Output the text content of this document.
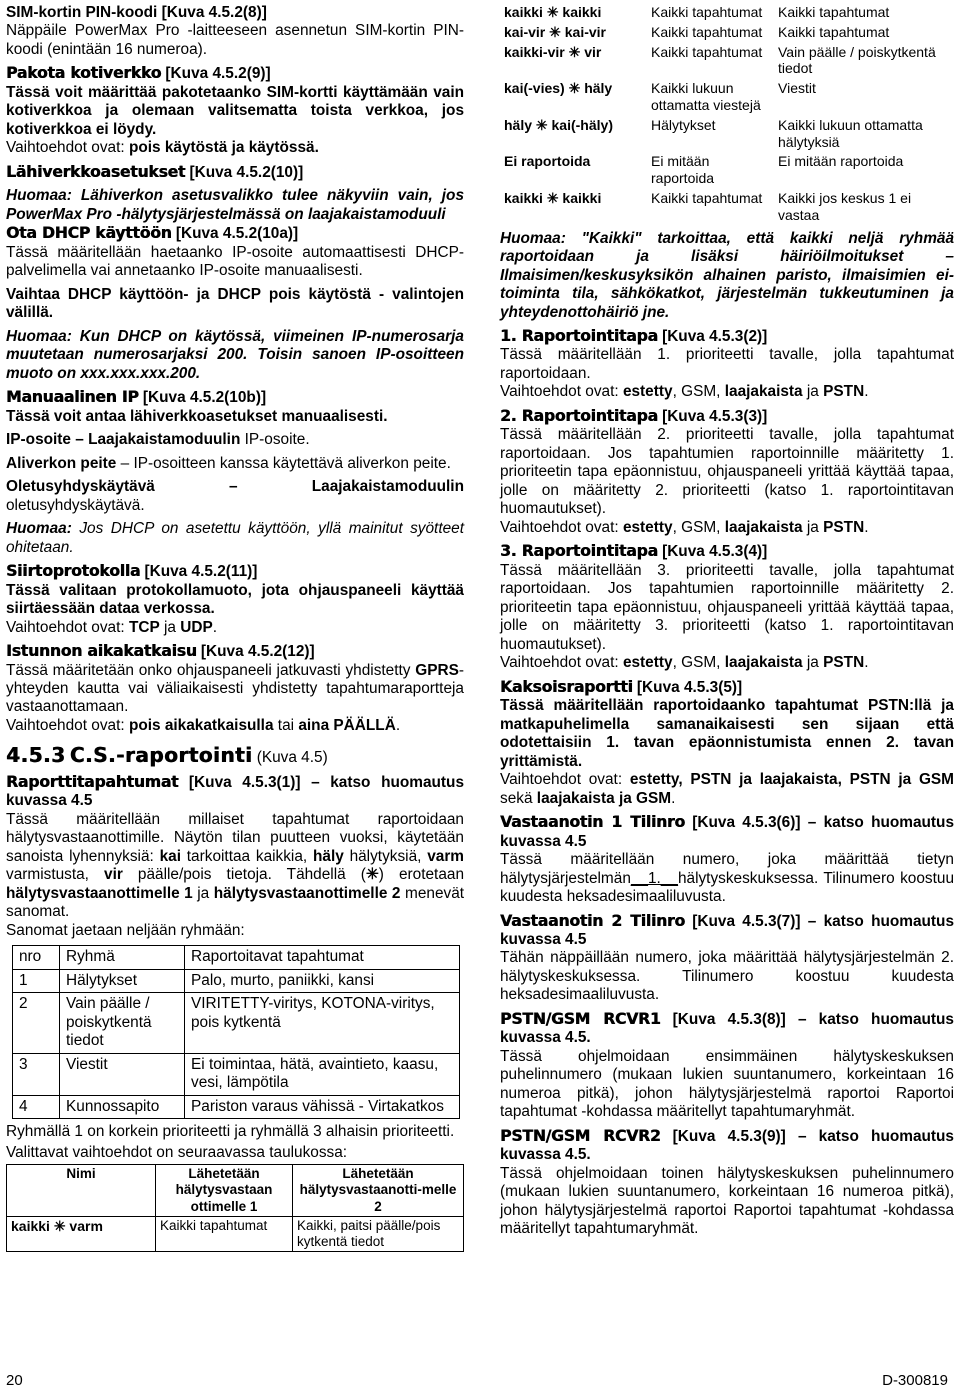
SIM-kortin PIN-koodi [Kuva 4.5.2(8)]
Näppäile PowerMax Pro -laitteeseen asennetun SIM-kortin PIN-koodi (enintään 16 numeroa).

Pakota kotiverkko [Kuva 4.5.2(9)]
Tässä voit määrittää pakotetaanko SIM-kortti käyttämään vain kotiverkkoa ja olemaan valitsematta toista verkkoa, jos kotiverkkoa ei löydy.
Vaihtoehdot ovat: pois käytöstä ja käytössä.

Lähiverkkoasetukset [Kuva 4.5.2(10)]

Huomaa: Lähiverkon asetusvalikko tulee näkyviin vain, jos PowerMax Pro -hälytysjärjestelmässä on laajakaistamoduuli

Ota DHCP käyttöön [Kuva 4.5.2(10a)]
Tässä määritellään haetaanko IP-osoite automaattisesti DHCP-palvelimella vai annetaanko IP-osoite manuaalisesti.

Vaihtaa DHCP käyttöön- ja DHCP pois käytöstä - valintojen välillä.

Huomaa: Kun DHCP on käytössä, viimeinen IP-numerosarja muutetaan numerosarjaksi 200. Toisin sanoen IP-osoitteen muoto on xxx.xxx.xxx.200.

Manuaalinen IP [Kuva 4.5.2(10b)]
Tässä voit antaa lähiverkkoasetukset manuaalisesti.

IP-osoite – Laajakaistamoduulin IP-osoite.

Aliverkon peite – IP-osoitteen kanssa käytettävä aliverkon peite.

Oletusyhdyskäytävä – Laajakaistamoduulin oletusyhdyskäytävä.

Huomaa: Jos DHCP on asetettu käyttöön, yllä mainitut syötteet ohitetaan.

Siirtoprotokolla [Kuva 4.5.2(11)]
Tässä valitaan protokollamuoto, jota ohjauspaneeli käyttää siirtäessään dataa verkossa.
Vaihtoehdot ovat: TCP ja UDP.

Istunnon aikakatkaisu [Kuva 4.5.2(12)]
Tässä määritetään onko ohjauspaneeli jatkuvasti yhdistetty GPRS-yhteyden kautta vai väliaikaisesti yhdistetty tapahtumaraportteja vastaanottamaan.
Vaihtoehdot ovat: pois aikakatkaisulla tai aina PÄÄLLÄ.

4.5.3 C.S.-raportointi (Kuva 4.5)

Raporttitapahtumat [Kuva 4.5.3(1)] – katso huomautus kuvassa 4.5
Tässä määritellään millaiset tapahtumat raportoidaan hälytysvastaanottimille. Näytön tilan puutteen vuoksi, käytetään sanoista lyhennyksiä: kai tarkoittaa kaikkia, häly hälytyksiä, varm varmistusta, vir päälle/pois tietoja. Tähdellä (✳) erotetaan hälytysvastaanottimelle 1 ja hälytysvastaanottimelle 2 menevät sanomat.
Sanomat jaetaan neljään ryhmään:

nro	Ryhmä	Raportoitavat tapahtumat
1	Hälytykset	Palo, murto, paniikki, kansi
2	Vain päälle / poiskytkentä tiedot	VIRITETTY-viritys, KOTONA-viritys, pois kytkentä
3	Viestit	Ei toimintaa, hätä, avaintieto, kaasu, vesi, lämpötila
4	Kunnossapito	Pariston varaus vähissä - Virtakatkos

Ryhmällä 1 on korkein prioriteetti ja ryhmällä 3 alhaisin prioriteetti.

Valittavat vaihtoehdot on seuraavassa taulukossa:

Nimi	Lähetetään hälytysvastaan ottimelle 1	Lähetetään hälytysvastaanotti-melle 2
kaikki ✳ varm	Kaikki tapahtumat	Kaikki, paitsi päälle/pois kytkentä tiedot
kaikki ✳ kaikki	Kaikki tapahtumat	Kaikki tapahtumat
kai-vir ✳ kai-vir	Kaikki tapahtumat	Kaikki tapahtumat
kaikki-vir ✳ vir	Kaikki tapahtumat	Vain päälle / poiskytkentä tiedot
kai(-vies) ✳ häly	Kaikki lukuun ottamatta viestejä	Viestit
häly ✳ kai(-häly)	Hälytykset	Kaikki lukuun ottamatta hälytyksiä
Ei raportoida	Ei mitään raportoida	Ei mitään raportoida
kaikki ✳ kaikki	Kaikki tapahtumat	Kaikki jos keskus 1 ei vastaa

Huomaa: "Kaikki" tarkoittaa, että kaikki neljä ryhmää raportoidaan ja lisäksi häiriöilmoitukset – Ilmaisimen/keskusyksikön alhainen paristo, ilmaisimien ei-toiminta tila, sähkökatkot, järjestelmän tukkeutuminen ja yhteydenottohäiriö jne.

1. Raportointitapa [Kuva 4.5.3(2)]
Tässä määritellään 1. prioriteetti tavalle, jolla tapahtumat raportoidaan.
Vaihtoehdot ovat: estetty, GSM, laajakaista ja PSTN.

2. Raportointitapa [Kuva 4.5.3(3)]
Tässä määritellään 2. prioriteetti tavalle, jolla tapahtumat raportoidaan. Jos tapahtumien raportoinnille määritetty 1. prioriteetin tapa epäonnistuu, ohjauspaneeli yrittää käyttää tapaa, jolle on määritetty 2. prioriteetti (katso 1. raportointitavan huomautukset).
Vaihtoehdot ovat: estetty, GSM, laajakaista ja PSTN.

3. Raportointitapa [Kuva 4.5.3(4)]
Tässä määritellään 3. prioriteetti tavalle, jolla tapahtumat raportoidaan. Jos tapahtumien raportoinnille määritetty 2. prioriteetin tapa epäonnistuu, ohjauspaneeli yrittää käyttää tapaa, jolle on määritetty 3. prioriteetti (katso 1. raportointitavan huomautukset).
Vaihtoehdot ovat: estetty, GSM, laajakaista ja PSTN.

Kaksoisraportti [Kuva 4.5.3(5)]
Tässä määritellään raportoidaanko tapahtumat PSTN:llä ja matkapuhelimella samanaikaisesti sen sijaan että odotettaisiin 1. tavan epäonnistumista ennen 2. tavan yrittämistä.
Vaihtoehdot ovat: estetty, PSTN ja laajakaista, PSTN ja GSM sekä laajakaista ja GSM.

Vastaanotin 1 Tilinro [Kuva 4.5.3(6)] – katso huomautus kuvassa 4.5
Tässä määritellään numero, joka määrittää tietyn hälytysjärjestelmän__1.__hälytyskeskuksessa. Tilinumero koostuu kuudesta heksadesimaaliluvusta.

Vastaanotin 2 Tilinro [Kuva 4.5.3(7)] – katso huomautus kuvassa 4.5
Tähän näppäillään numero, joka määrittää hälytysjärjestelmän 2. hälytyskeskuksessa. Tilinumero koostuu kuudesta heksadesimaaliluvusta.

PSTN/GSM RCVR1 [Kuva 4.5.3(8)] – katso huomautus kuvassa 4.5.
Tässä ohjelmoidaan ensimmäinen hälytyskeskuksen puhelinnumero (mukaan lukien suuntanumero, korkeintaan 16 numeroa pitkä), johon hälytysjärjestelmä raportoi Raportoi tapahtumat -kohdassa määritellyt tapahtumaryhmät.

PSTN/GSM RCVR2 [Kuva 4.5.3(9)] – katso huomautus kuvassa 4.5.
Tässä ohjelmoidaan toinen hälytyskeskuksen puhelinnumero (mukaan lukien suuntanumero, korkeintaan 16 numeroa pitkä), johon hälytysjärjestelmä raportoi Raportoi tapahtumat -kohdassa määritellyt tapahtumaryhmät.

20	D-300819
